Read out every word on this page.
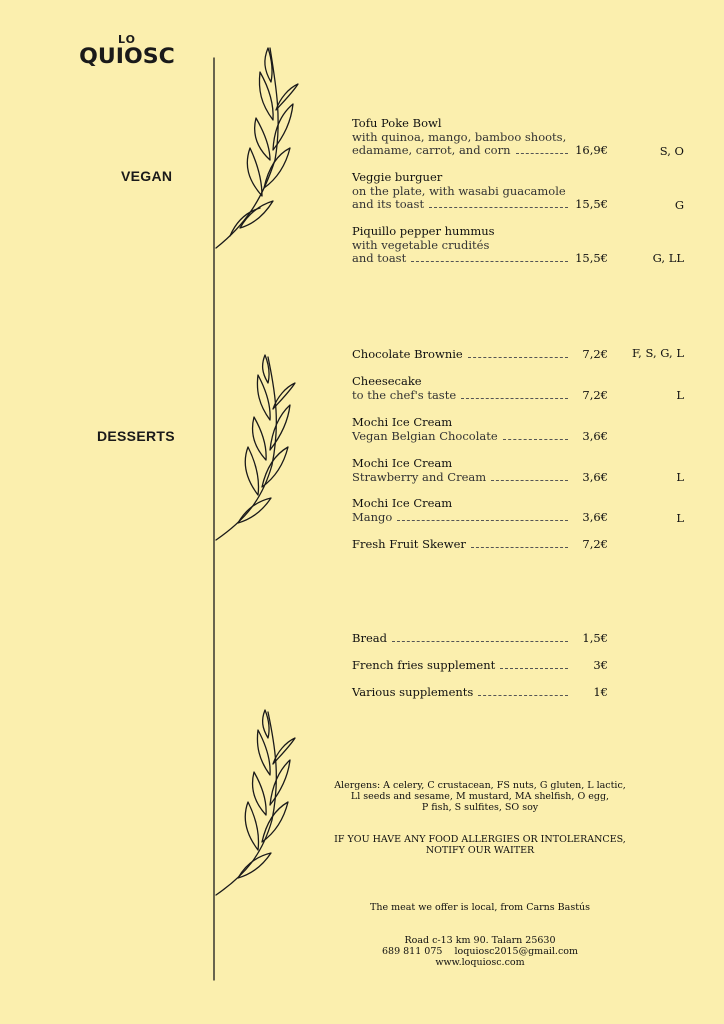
LO
QUIOSC
VEGAN
DESSERTS
Tofu Poke Bowl
with quinoa, mango, bamboo shoots,
edamame, carrot, and corn	16,9€	S, O
Veggie burguer
on the plate, with wasabi guacamole
and its toast	15,5€	G
Piquillo pepper hummus
with vegetable crudités
and toast	15,5€	G, LL
Chocolate Brownie	7,2€ F, S, G, L
Cheesecake
to the chef's taste	7,2€	L
Mochi Ice Cream
Vegan Belgian Chocolate	3,6€
Mochi Ice Cream
Strawberry and Cream	3,6€	L
Mochi Ice Cream
Mango	3,6€	L
Fresh Fruit Skewer	7,2€
Bread	1,5€
French fries supplement	3€
Various supplements	1€
Alergens: A celery, C crustacean, FS nuts, G gluten, L lactic,
Ll seeds and sesame, M mustard, MA shelfish, O egg,
P fish, S sulfites, SO soy
IF YOU HAVE ANY FOOD ALLERGIES OR INTOLERANCES,
NOTIFY OUR WAITER
The meat we offer is local, from Carns Bastús
Road c-13 km 90. Talarn 25630
689 811 075 loquiosc2015@gmail.com
www.loquiosc.com
